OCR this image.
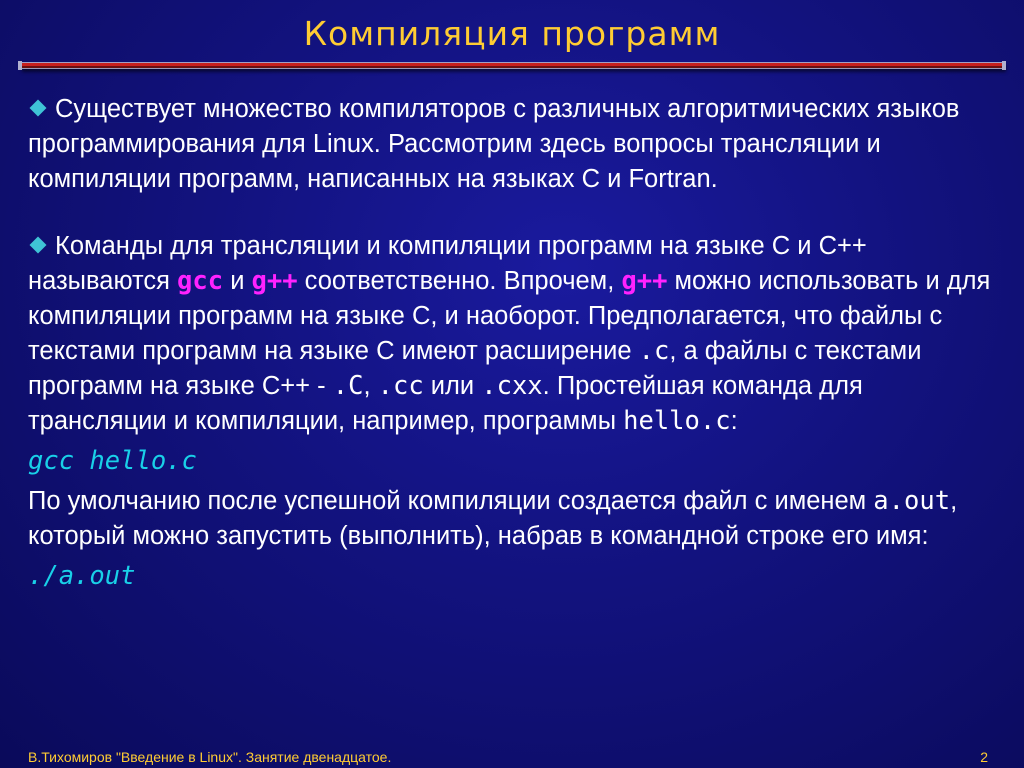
Компиляция программ

Существует множество компиляторов с различных алгоритмических языков программирования для Linux. Рассмотрим здесь вопросы трансляции и компиляции программ, написанных на языках C и Fortran.

Команды для трансляции и компиляции программ на языке C и C++ называются gcc и g++ соответственно. Впрочем, g++ можно использовать и для компиляции программ на языке C, и наоборот. Предполагается, что файлы с текстами программ на языке C имеют расширение .c, а файлы с текстами программ на языке C++ - .C, .cc или .cxx. Простейшая команда для трансляции и компиляции, например, программы hello.c:

gcc hello.c

По умолчанию после успешной компиляции создается файл с именем a.out, который можно запустить (выполнить), набрав в командной строке его имя:

./a.out
В.Тихомиров "Введение в Linux". Занятие двенадцатое.	2
